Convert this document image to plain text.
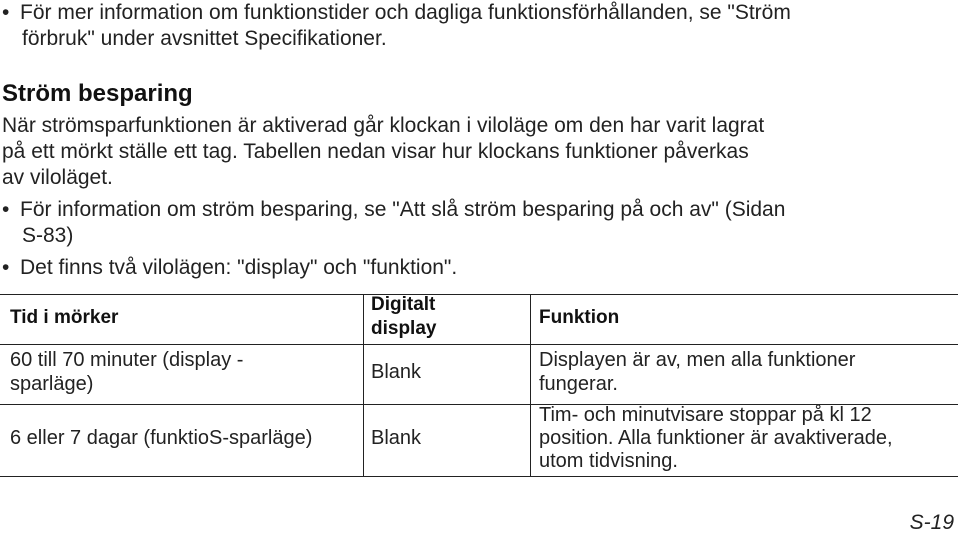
• För mer information om funktionstider och dagliga funktionsförhållanden, se "Ström
förbruk" under avsnittet Specifikationer.
Ström besparing
När strömsparfunktionen är aktiverad går klockan i viloläge om den har varit lagrat
på ett mörkt ställe ett tag. Tabellen nedan visar hur klockans funktioner påverkas
av viloläget.
• För information om ström besparing, se "Att slå ström besparing på och av" (Sidan
S-83)
• Det finns två vilolägen: "display" och "funktion".
Tid i mörker
Digitalt
display
Funktion
60 till 70 minuter (display -
sparläge)
Blank
Displayen är av, men alla funktioner
fungerar.
6 eller 7 dagar (funktioS-sparläge)	Blank
Tim- och minutvisare stoppar på kl 12
position. Alla funktioner är avaktiverade,
utom tidvisning.
S-19
